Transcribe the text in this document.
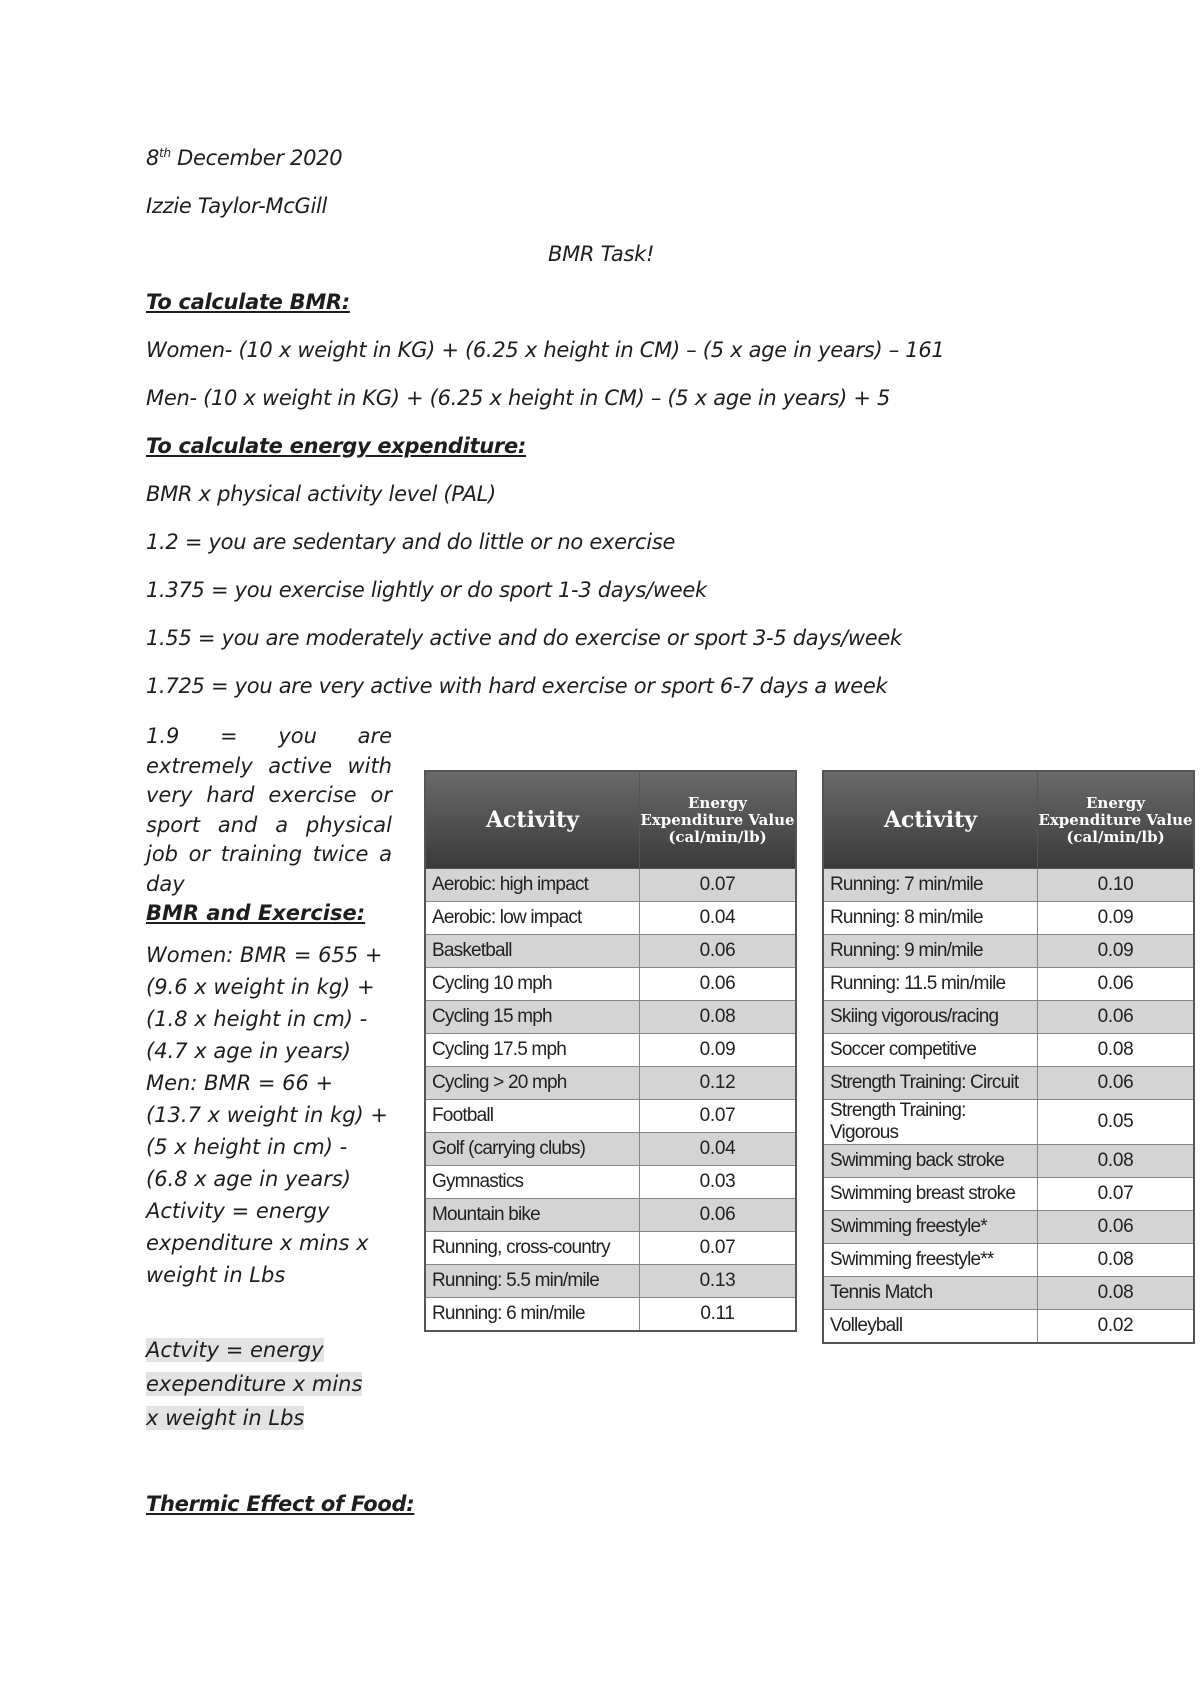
8th December 2020
Izzie Taylor-McGill
BMR Task!
To calculate BMR:
Women- (10 x weight in KG) + (6.25 x height in CM) – (5 x age in years) – 161
Men- (10 x weight in KG) + (6.25 x height in CM) – (5 x age in years) + 5
To calculate energy expenditure:
BMR x physical activity level (PAL)
1.2 = you are sedentary and do little or no exercise
1.375 = you exercise lightly or do sport 1-3 days/week
1.55 = you are moderately active and do exercise or sport 3-5 days/week
1.725 = you are very active with hard exercise or sport 6-7 days a week

1.9 = you are extremely active with very hard exercise or sport and a physical job or training twice a day

BMR and Exercise:

Women: BMR = 655 + (9.6 x weight in kg) + (1.8 x height in cm) - (4.7 x age in years)

Men: BMR = 66 + (13.7 x weight in kg) + (5 x height in cm) - (6.8 x age in years)

Activity = energy expenditure x mins x weight in Lbs

Actvity = energy exependiture x mins x weight in Lbs

Thermic Effect of Food:
Activity	Energy Expenditure Value (cal/min/lb)
Aerobic: high impact	0.07
Aerobic: low impact	0.04
Basketball	0.06
Cycling 10 mph	0.06
Cycling 15 mph	0.08
Cycling 17.5 mph	0.09
Cycling > 20 mph	0.12
Football	0.07
Golf (carrying clubs)	0.04
Gymnastics	0.03
Mountain bike	0.06
Running, cross-country	0.07
Running: 5.5 min/mile	0.13
Running: 6 min/mile	0.11
Activity	Energy Expenditure Value (cal/min/lb)
Running: 7 min/mile	0.10
Running: 8 min/mile	0.09
Running: 9 min/mile	0.09
Running: 11.5 min/mile	0.06
Skiing vigorous/racing	0.06
Soccer competitive	0.08
Strength Training: Circuit	0.06
Strength Training: Vigorous	0.05
Swimming back stroke	0.08
Swimming breast stroke	0.07
Swimming freestyle*	0.06
Swimming freestyle**	0.08
Tennis Match	0.08
Volleyball	0.02
